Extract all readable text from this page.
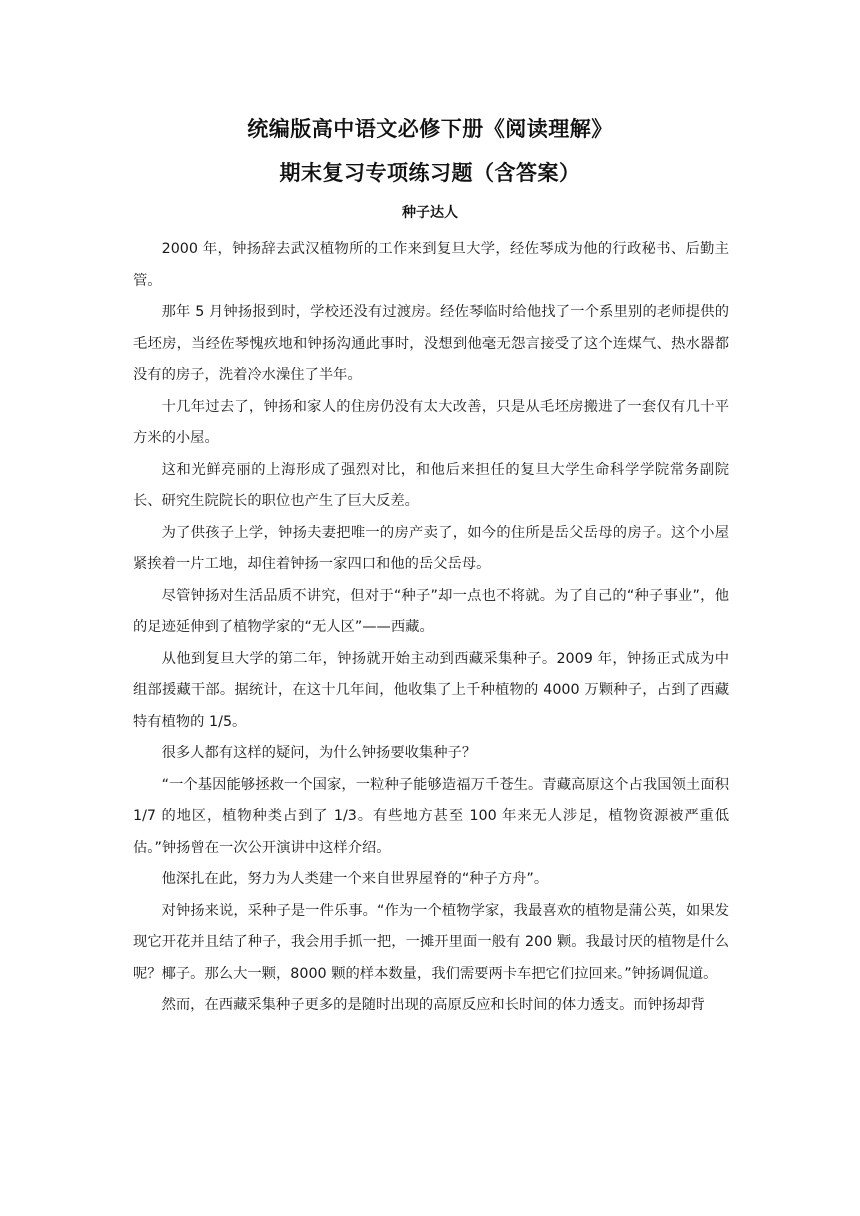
统编版高中语文必修下册《阅读理解》
期末复习专项练习题（含答案）
种子达人

2000 年，钟扬辞去武汉植物所的工作来到复旦大学，经佐琴成为他的行政秘书、后勤主管。

那年 5 月钟扬报到时，学校还没有过渡房。经佐琴临时给他找了一个系里别的老师提供的毛坯房，当经佐琴愧疚地和钟扬沟通此事时，没想到他毫无怨言接受了这个连煤气、热水器都没有的房子，洗着冷水澡住了半年。

十几年过去了，钟扬和家人的住房仍没有太大改善，只是从毛坯房搬进了一套仅有几十平方米的小屋。

这和光鲜亮丽的上海形成了强烈对比，和他后来担任的复旦大学生命科学学院常务副院长、研究生院院长的职位也产生了巨大反差。

为了供孩子上学，钟扬夫妻把唯一的房产卖了，如今的住所是岳父岳母的房子。这个小屋紧挨着一片工地，却住着钟扬一家四口和他的岳父岳母。

尽管钟扬对生活品质不讲究，但对于“种子”却一点也不将就。为了自己的“种子事业”，他的足迹延伸到了植物学家的“无人区”——西藏。

从他到复旦大学的第二年，钟扬就开始主动到西藏采集种子。2009 年，钟扬正式成为中组部援藏干部。据统计，在这十几年间，他收集了上千种植物的 4000 万颗种子，占到了西藏特有植物的 1/5。

很多人都有这样的疑问，为什么钟扬要收集种子？

“一个基因能够拯救一个国家，一粒种子能够造福万千苍生。青藏高原这个占我国领土面积 1/7 的地区，植物种类占到了 1/3。有些地方甚至 100 年来无人涉足，植物资源被严重低估。”钟扬曾在一次公开演讲中这样介绍。

他深扎在此，努力为人类建一个来自世界屋脊的“种子方舟”。

对钟扬来说，采种子是一件乐事。“作为一个植物学家，我最喜欢的植物是蒲公英，如果发现它开花并且结了种子，我会用手抓一把，一摊开里面一般有 200 颗。我最讨厌的植物是什么呢？椰子。那么大一颗，8000 颗的样本数量，我们需要两卡车把它们拉回来。”钟扬调侃道。

然而，在西藏采集种子更多的是随时出现的高原反应和长时间的体力透支。而钟扬却背
